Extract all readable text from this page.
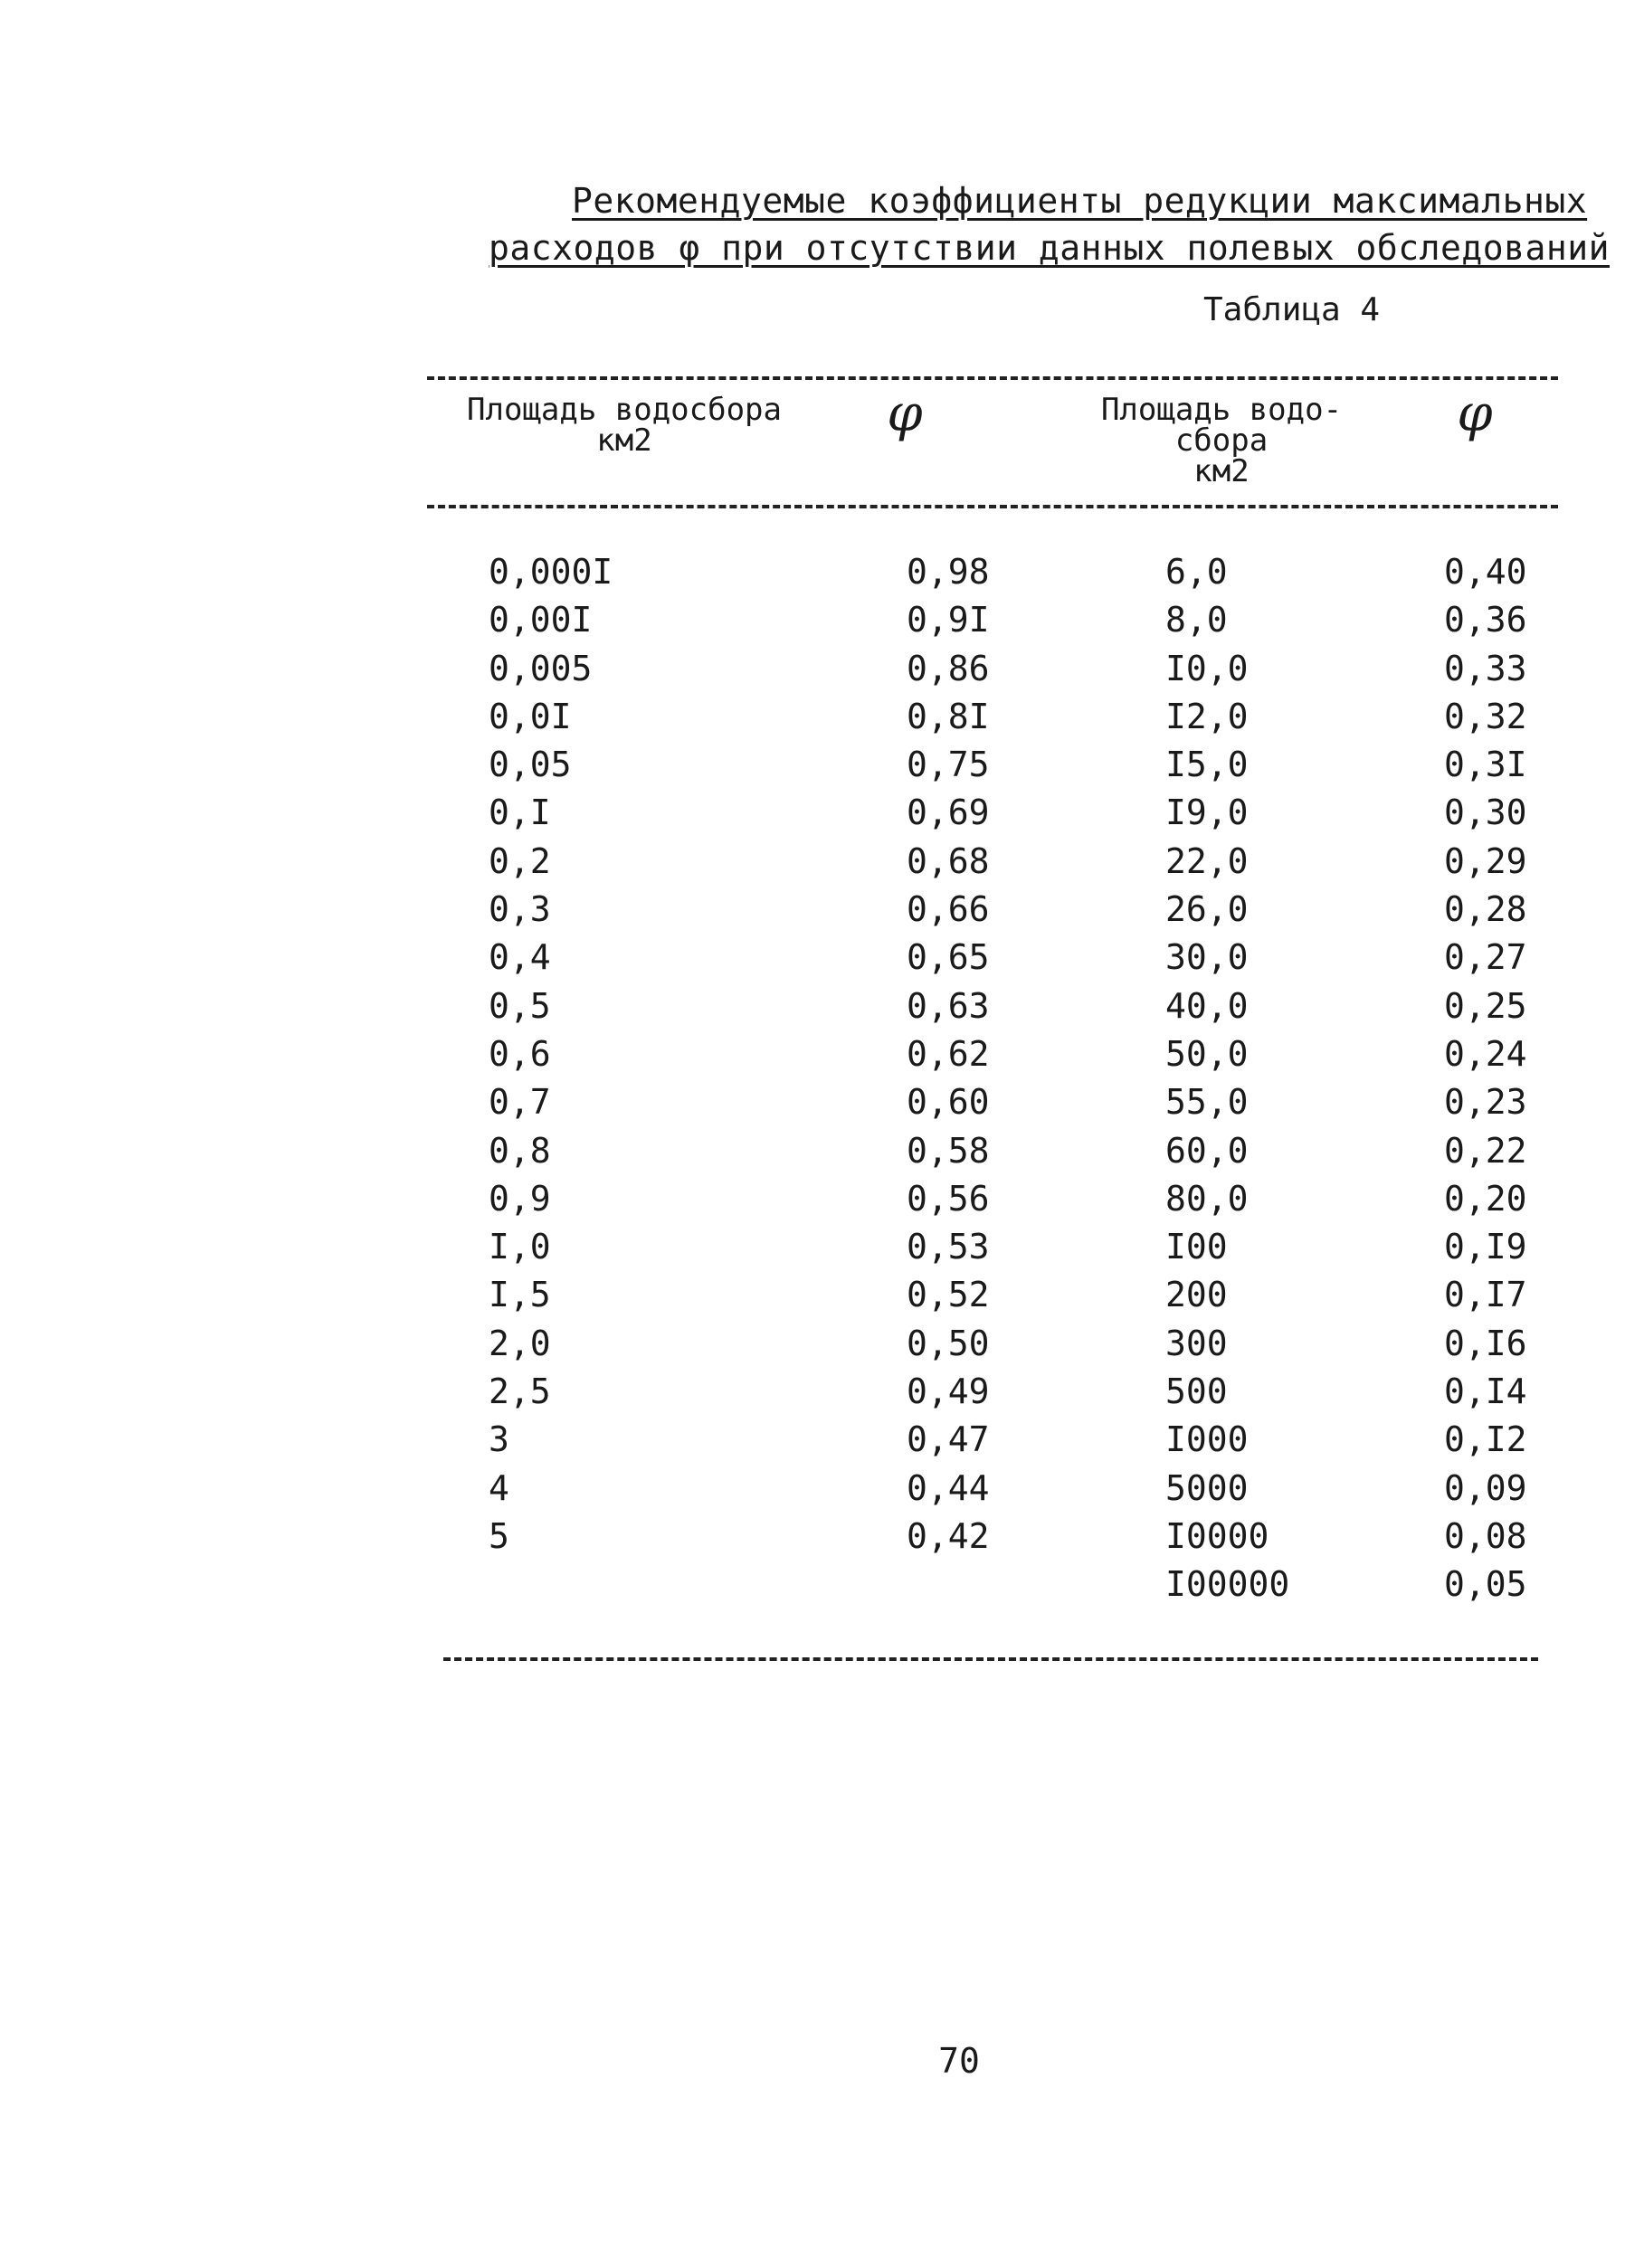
Рекомендуемые коэффициенты редукции максимальных
расходов φ при отсутствии данных полевых обследований
Таблица 4
Площадь водосбора
км2	φ	Площадь водо-
сбора
км2
φ
0,000I
0,00I
0,005
0,0I
0,05
0,I
0,2
0,3
0,4
0,5
0,6
0,7
0,8
0,9
I,0
I,5
2,0
2,5
3
4
5
0,98
0,9I
0,86
0,8I
0,75
0,69
0,68
0,66
0,65
0,63
0,62
0,60
0,58
0,56
0,53
0,52
0,50
0,49
0,47
0,44
0,42
6,0
8,0
I0,0
I2,0
I5,0
I9,0
22,0
26,0
30,0
40,0
50,0
55,0
60,0
80,0
I00
200
300
500
I000
5000
I0000
I00000
0,40
0,36
0,33
0,32
0,3I
0,30
0,29
0,28
0,27
0,25
0,24
0,23
0,22
0,20
0,I9
0,I7
0,I6
0,I4
0,I2
0,09
0,08
0,05
70
